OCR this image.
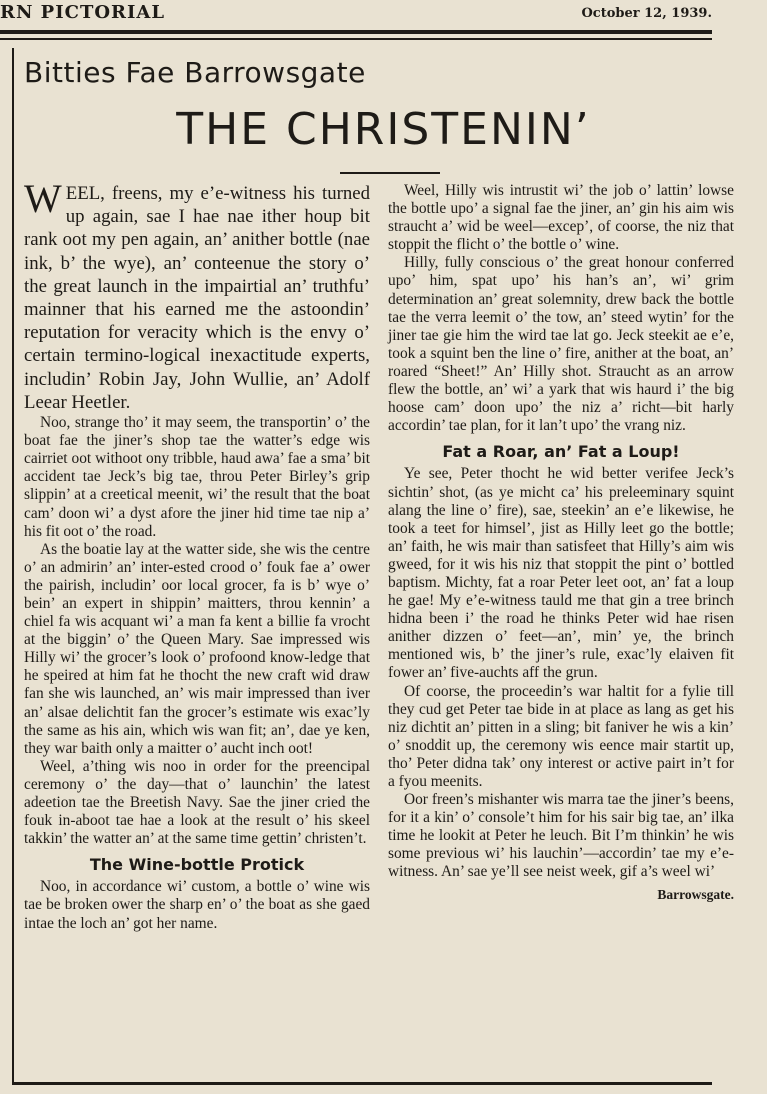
RN PICTORIAL	October 12, 1939.
Bitties Fae Barrowsgate
THE CHRISTENIN’

WEEL, freens, my e’e-witness his turned up again, sae I hae nae ither houp bit rank oot my pen again, an’ anither bottle (nae ink, b’ the wye), an’ conteenue the story o’ the great launch in the impairtial an’ truthfu’ mainner that his earned me the astoondin’ reputation for veracity which is the envy o’ certain termino-logical inexactitude experts, includin’ Robin Jay, John Wullie, an’ Adolf Leear Heetler.

Noo, strange tho’ it may seem, the transportin’ o’ the boat fae the jiner’s shop tae the watter’s edge wis cairriet oot withoot ony tribble, haud awa’ fae a sma’ bit accident tae Jeck’s big tae, throu Peter Birley’s grip slippin’ at a creetical meenit, wi’ the result that the boat cam’ doon wi’ a dyst afore the jiner hid time tae nip a’ his fit oot o’ the road.

As the boatie lay at the watter side, she wis the centre o’ an admirin’ an’ inter-ested crood o’ fouk fae a’ ower the pairish, includin’ oor local grocer, fa is b’ wye o’ bein’ an expert in shippin’ maitters, throu kennin’ a chiel fa wis acquant wi’ a man fa kent a billie fa vrocht at the biggin’ o’ the Queen Mary. Sae impressed wis Hilly wi’ the grocer’s look o’ profoond know-ledge that he speired at him fat he thocht the new craft wid draw fan she wis launched, an’ wis mair impressed than iver an’ alsae delichtit fan the grocer’s estimate wis exac’ly the same as his ain, which wis wan fit; an’, dae ye ken, they war baith only a maitter o’ aucht inch oot!

Weel, a’thing wis noo in order for the preencipal ceremony o’ the day—that o’ launchin’ the latest adeetion tae the Breetish Navy. Sae the jiner cried the fouk in-aboot tae hae a look at the result o’ his skeel takkin’ the watter an’ at the same time gettin’ christen’t.

The Wine-bottle Protick

Noo, in accordance wi’ custom, a bottle o’ wine wis tae be broken ower the sharp en’ o’ the boat as she gaed intae the loch an’ got her name.

Weel, Hilly wis intrustit wi’ the job o’ lattin’ lowse the bottle upo’ a signal fae the jiner, an’ gin his aim wis straucht a’ wid be weel—excep’, of coorse, the niz that stoppit the flicht o’ the bottle o’ wine.

Hilly, fully conscious o’ the great honour conferred upo’ him, spat upo’ his han’s an’, wi’ grim determination an’ great solemnity, drew back the bottle tae the verra leemit o’ the tow, an’ steed wytin’ for the jiner tae gie him the wird tae lat go. Jeck steekit ae e’e, took a squint ben the line o’ fire, anither at the boat, an’ roared “Sheet!” An’ Hilly shot. Straucht as an arrow flew the bottle, an’ wi’ a yark that wis haurd i’ the big hoose cam’ doon upo’ the niz a’ richt—bit harly accordin’ tae plan, for it lan’t upo’ the vrang niz.

Fat a Roar, an’ Fat a Loup!

Ye see, Peter thocht he wid better verifee Jeck’s sichtin’ shot, (as ye micht ca’ his preleeminary squint alang the line o’ fire), sae, steekin’ an e’e likewise, he took a teet for himsel’, jist as Hilly leet go the bottle; an’ faith, he wis mair than satisfeet that Hilly’s aim wis gweed, for it wis his niz that stoppit the pint o’ bottled baptism. Michty, fat a roar Peter leet oot, an’ fat a loup he gae! My e’e-witness tauld me that gin a tree brinch hidna been i’ the road he thinks Peter wid hae risen anither dizzen o’ feet—an’, min’ ye, the brinch mentioned wis, b’ the jiner’s rule, exac’ly elaiven fit fower an’ five-auchts aff the grun.

Of coorse, the proceedin’s war haltit for a fylie till they cud get Peter tae bide in at place as lang as get his niz dichtit an’ pitten in a sling; bit faniver he wis a kin’ o’ snoddit up, the ceremony wis eence mair startit up, tho’ Peter didna tak’ ony interest or active pairt in’t for a fyou meenits.

Oor freen’s mishanter wis marra tae the jiner’s beens, for it a kin’ o’ console’t him for his sair big tae, an’ ilka time he lookit at Peter he leuch. Bit I’m thinkin’ he wis some previous wi’ his lauchin’—accordin’ tae my e’e-witness. An’ sae ye’ll see neist week, gif a’s weel wi’

Barrowsgate.
